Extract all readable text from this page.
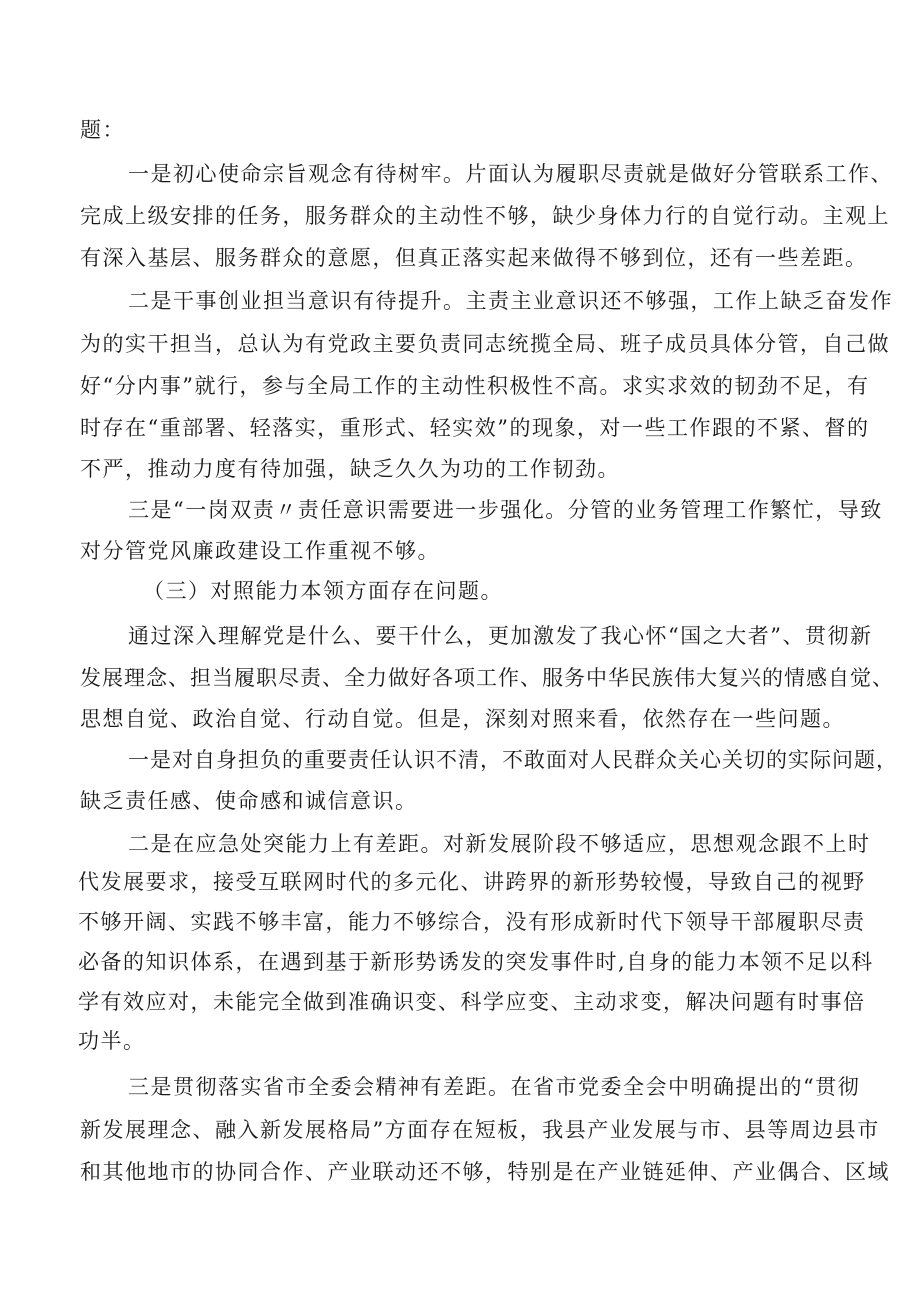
题：
一是初心使命宗旨观念有待树牢。片面认为履职尽责就是做好分管联系工作、
完成上级安排的任务，服务群众的主动性不够，缺少身体力行的自觉行动。主观上
有深入基层、服务群众的意愿，但真正落实起来做得不够到位，还有一些差距。
二是干事创业担当意识有待提升。主责主业意识还不够强，工作上缺乏奋发作
为的实干担当，总认为有党政主要负责同志统揽全局、班子成员具体分管，自己做
好“分内事”就行，参与全局工作的主动性积极性不高。求实求效的韧劲不足，有
时存在“重部署、轻落实，重形式、轻实效”的现象，对一些工作跟的不紧、督的
不严，推动力度有待加强，缺乏久久为功的工作韧劲。
三是“一岗双责〃责任意识需要进一步强化。分管的业务管理工作繁忙，导致
对分管党风廉政建设工作重视不够。
（三）对照能力本领方面存在问题。
通过深入理解党是什么、要干什么，更加激发了我心怀“国之大者”、贯彻新
发展理念、担当履职尽责、全力做好各项工作、服务中华民族伟大复兴的情感自觉、
思想自觉、政治自觉、行动自觉。但是，深刻对照来看，依然存在一些问题。
一是对自身担负的重要责任认识不清，不敢面对人民群众关心关切的实际问题，
缺乏责任感、使命感和诚信意识。
二是在应急处突能力上有差距。对新发展阶段不够适应，思想观念跟不上时
代发展要求，接受互联网时代的多元化、讲跨界的新形势较慢，导致自己的视野
不够开阔、实践不够丰富，能力不够综合，没有形成新时代下领导干部履职尽责
必备的知识体系，在遇到基于新形势诱发的突发事件时,自身的能力本领不足以科
学有效应对，未能完全做到准确识变、科学应变、主动求变，解决问题有时事倍
功半。
三是贯彻落实省市全委会精神有差距。在省市党委全会中明确提出的“贯彻
新发展理念、融入新发展格局”方面存在短板，我县产业发展与市、县等周边县市
和其他地市的协同合作、产业联动还不够，特别是在产业链延伸、产业偶合、区域
